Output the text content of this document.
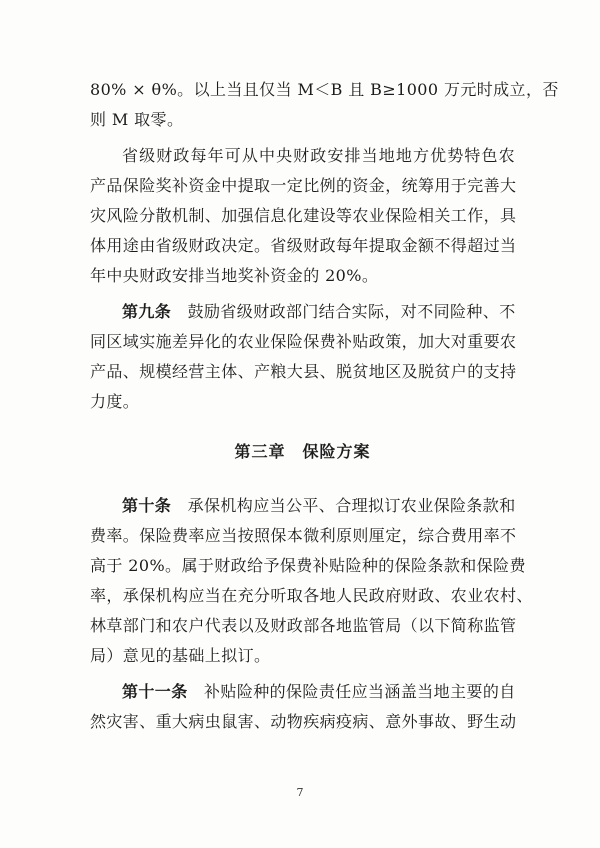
80% × θ%。以上当且仅当 M＜B 且 B≥1000 万元时成立，否
则 M 取零。
省级财政每年可从中央财政安排当地地方优势特色农
产品保险奖补资金中提取一定比例的资金，统筹用于完善大
灾风险分散机制、加强信息化建设等农业保险相关工作，具
体用途由省级财政决定。省级财政每年提取金额不得超过当
年中央财政安排当地奖补资金的 20%。
第九条　 鼓励省级财政部门结合实际，对不同险种、不
同区域实施差异化的农业保险保费补贴政策，加大对重要农
产品、规模经营主体、产粮大县、脱贫地区及脱贫户的支持
力度。
第三章　保险方案
第十条　 承保机构应当公平、合理拟订农业保险条款和
费率。保险费率应当按照保本微利原则厘定，综合费用率不
高于 20%。属于财政给予保费补贴险种的保险条款和保险费
率，承保机构应当在充分听取各地人民政府财政、农业农村、
林草部门和农户代表以及财政部各地监管局（以下简称监管
局）意见的基础上拟订。
第十一条　 补贴险种的保险责任应当涵盖当地主要的自
然灾害、重大病虫鼠害、动物疾病疫病、意外事故、野生动
7
